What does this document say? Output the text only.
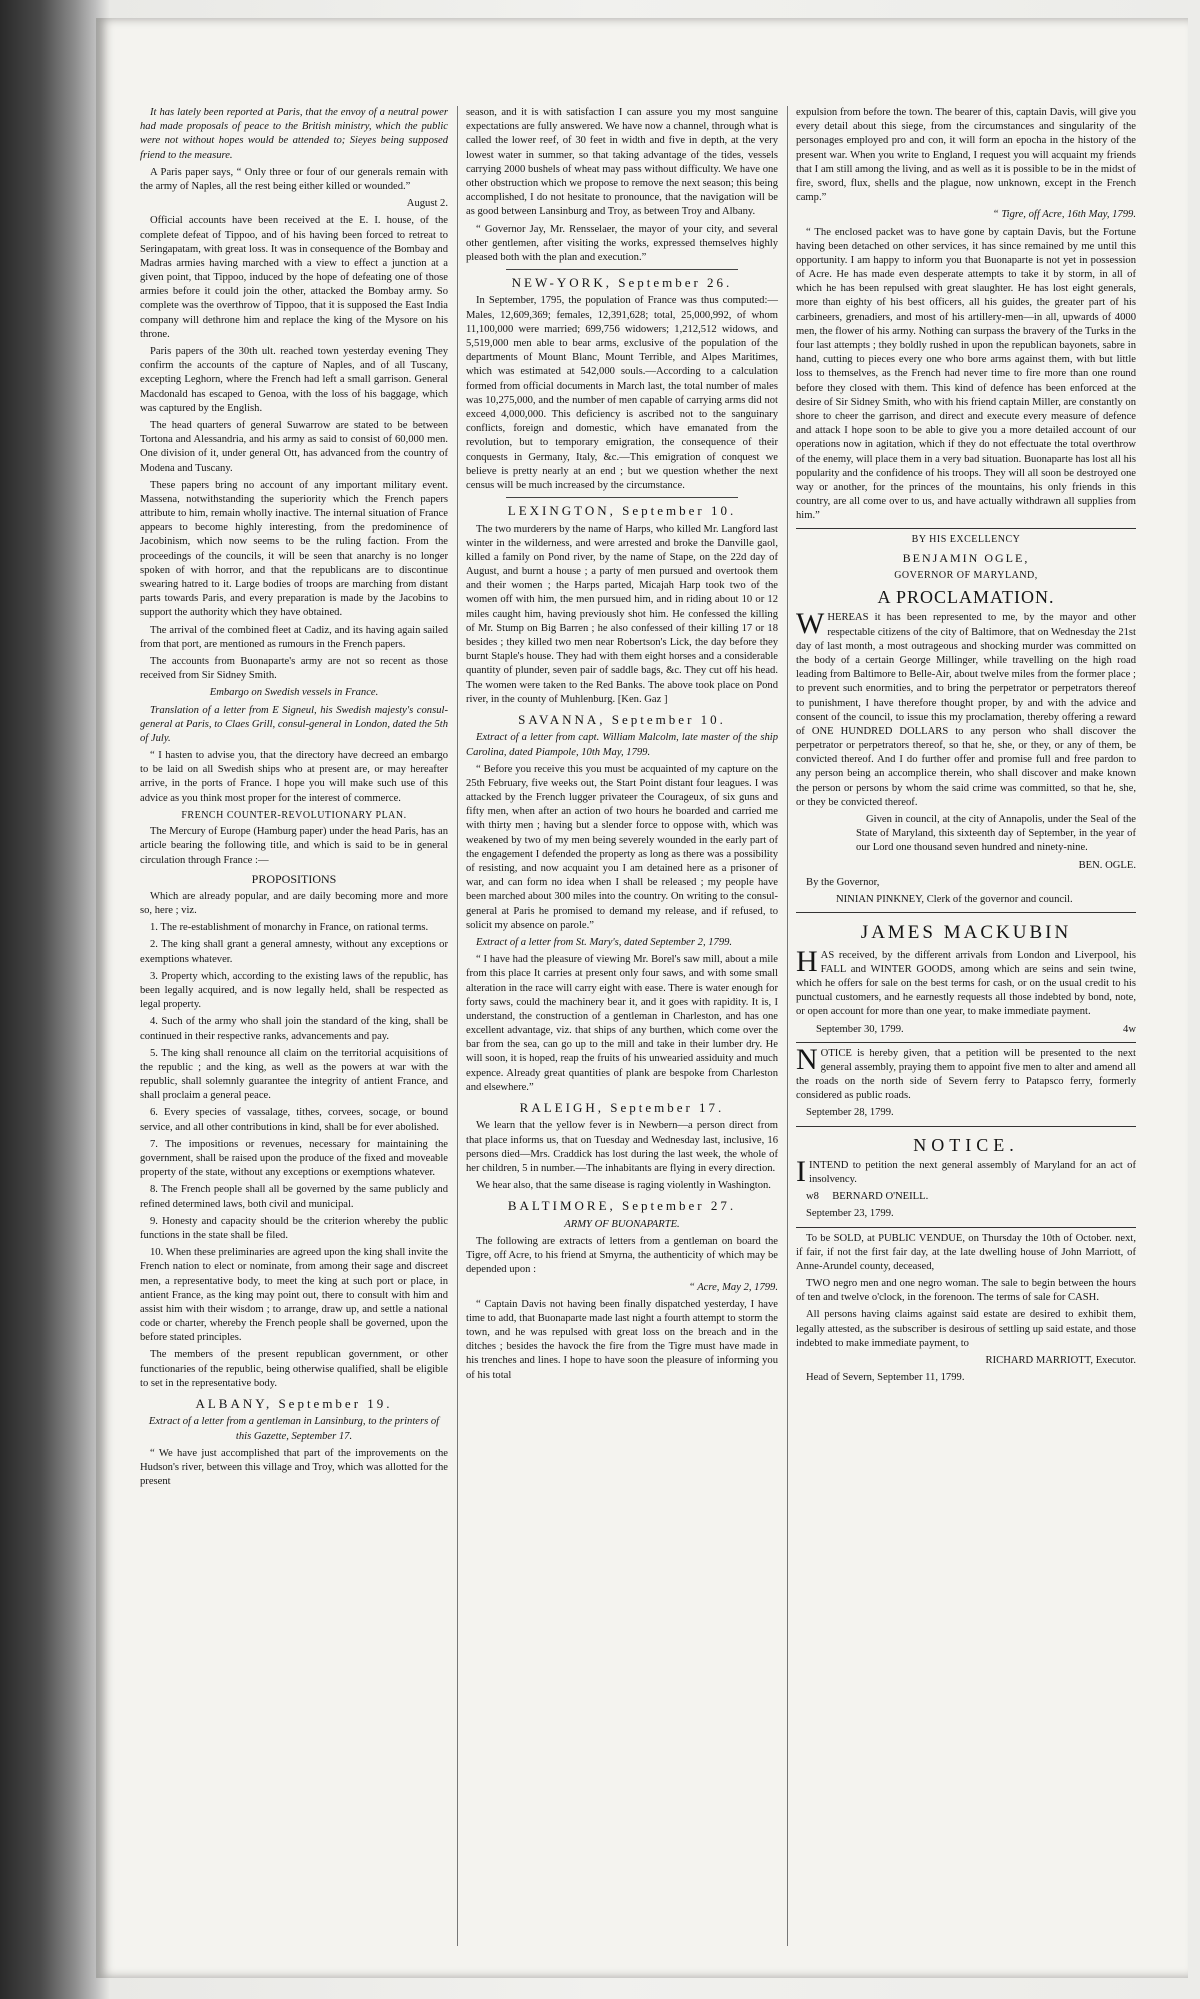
It has lately been reported at Paris, that the envoy of a neutral power had made proposals of peace to the British ministry, which the public were not without hopes would be attended to; Sieyes being supposed friend to the measure.

A Paris paper says, “ Only three or four of our generals remain with the army of Naples, all the rest being either killed or wounded.”

August 2.

Official accounts have been received at the E. I. house, of the complete defeat of Tippoo, and of his having been forced to retreat to Seringapatam, with great loss. It was in consequence of the Bombay and Madras armies having marched with a view to effect a junction at a given point, that Tippoo, induced by the hope of defeating one of those armies before it could join the other, attacked the Bombay army. So complete was the overthrow of Tippoo, that it is supposed the East India company will dethrone him and replace the king of the Mysore on his throne.

Paris papers of the 30th ult. reached town yesterday evening They confirm the accounts of the capture of Naples, and of all Tuscany, excepting Leghorn, where the French had left a small garrison. General Macdonald has escaped to Genoa, with the loss of his baggage, which was captured by the English.

The head quarters of general Suwarrow are stated to be between Tortona and Alessandria, and his army as said to consist of 60,000 men. One division of it, under general Ott, has advanced from the country of Modena and Tuscany.

These papers bring no account of any important military event. Massena, notwithstanding the superiority which the French papers attribute to him, remain wholly inactive. The internal situation of France appears to become highly interesting, from the predominence of Jacobinism, which now seems to be the ruling faction. From the proceedings of the councils, it will be seen that anarchy is no longer spoken of with horror, and that the republicans are to discontinue swearing hatred to it. Large bodies of troops are marching from distant parts towards Paris, and every preparation is made by the Jacobins to support the authority which they have obtained.

The arrival of the combined fleet at Cadiz, and its having again sailed from that port, are mentioned as rumours in the French papers.

The accounts from Buonaparte's army are not so recent as those received from Sir Sidney Smith.

Embargo on Swedish vessels in France.

Translation of a letter from E Signeul, his Swedish majesty's consul-general at Paris, to Claes Grill, consul-general in London, dated the 5th of July.

“ I hasten to advise you, that the directory have decreed an embargo to be laid on all Swedish ships who at present are, or may hereafter arrive, in the ports of France. I hope you will make such use of this advice as you think most proper for the interest of commerce.

FRENCH COUNTER-REVOLUTIONARY PLAN.

The Mercury of Europe (Hamburg paper) under the head Paris, has an article bearing the following title, and which is said to be in general circulation through France :—

PROPOSITIONS

Which are already popular, and are daily becoming more and more so, here ; viz.

1. The re-establishment of monarchy in France, on rational terms.

2. The king shall grant a general amnesty, without any exceptions or exemptions whatever.

3. Property which, according to the existing laws of the republic, has been legally acquired, and is now legally held, shall be respected as legal property.

4. Such of the army who shall join the standard of the king, shall be continued in their respective ranks, advancements and pay.

5. The king shall renounce all claim on the territorial acquisitions of the republic ; and the king, as well as the powers at war with the republic, shall solemnly guarantee the integrity of antient France, and shall proclaim a general peace.

6. Every species of vassalage, tithes, corvees, socage, or bound service, and all other contributions in kind, shall be for ever abolished.

7. The impositions or revenues, necessary for maintaining the government, shall be raised upon the produce of the fixed and moveable property of the state, without any exceptions or exemptions whatever.

8. The French people shall all be governed by the same publicly and refined determined laws, both civil and municipal.

9. Honesty and capacity should be the criterion whereby the public functions in the state shall be filed.

10. When these preliminaries are agreed upon the king shall invite the French nation to elect or nominate, from among their sage and discreet men, a representative body, to meet the king at such port or place, in antient France, as the king may point out, there to consult with him and assist him with their wisdom ; to arrange, draw up, and settle a national code or charter, whereby the French people shall be governed, upon the before stated principles.

The members of the present republican government, or other functionaries of the republic, being otherwise qualified, shall be eligible to set in the representative body.

ALBANY, September 19.

Extract of a letter from a gentleman in Lansinburg, to the printers of this Gazette, September 17.

“ We have just accomplished that part of the improvements on the Hudson's river, between this village and Troy, which was allotted for the present

season, and it is with satisfaction I can assure you my most sanguine expectations are fully answered. We have now a channel, through what is called the lower reef, of 30 feet in width and five in depth, at the very lowest water in summer, so that taking advantage of the tides, vessels carrying 2000 bushels of wheat may pass without difficulty. We have one other obstruction which we propose to remove the next season; this being accomplished, I do not hesitate to pronounce, that the navigation will be as good between Lansinburg and Troy, as between Troy and Albany.

“ Governor Jay, Mr. Rensselaer, the mayor of your city, and several other gentlemen, after visiting the works, expressed themselves highly pleased both with the plan and execution.”

NEW-YORK, September 26.

In September, 1795, the population of France was thus computed:—Males, 12,609,369; females, 12,391,628; total, 25,000,992, of whom 11,100,000 were married; 699,756 widowers; 1,212,512 widows, and 5,519,000 men able to bear arms, exclusive of the population of the departments of Mount Blanc, Mount Terrible, and Alpes Maritimes, which was estimated at 542,000 souls.—According to a calculation formed from official documents in March last, the total number of males was 10,275,000, and the number of men capable of carrying arms did not exceed 4,000,000. This deficiency is ascribed not to the sanguinary conflicts, foreign and domestic, which have emanated from the revolution, but to temporary emigration, the consequence of their conquests in Germany, Italy, &c.—This emigration of conquest we believe is pretty nearly at an end ; but we question whether the next census will be much increased by the circumstance.

LEXINGTON, September 10.

The two murderers by the name of Harps, who killed Mr. Langford last winter in the wilderness, and were arrested and broke the Danville gaol, killed a family on Pond river, by the name of Stape, on the 22d day of August, and burnt a house ; a party of men pursued and overtook them and their women ; the Harps parted, Micajah Harp took two of the women off with him, the men pursued him, and in riding about 10 or 12 miles caught him, having previously shot him. He confessed the killing of Mr. Stump on Big Barren ; he also confessed of their killing 17 or 18 besides ; they killed two men near Robertson's Lick, the day before they burnt Staple's house. They had with them eight horses and a considerable quantity of plunder, seven pair of saddle bags, &c. They cut off his head. The women were taken to the Red Banks. The above took place on Pond river, in the county of Muhlenburg. [Ken. Gaz ]

SAVANNA, September 10.

Extract of a letter from capt. William Malcolm, late master of the ship Carolina, dated Piampole, 10th May, 1799.

“ Before you receive this you must be acquainted of my capture on the 25th February, five weeks out, the Start Point distant four leagues. I was attacked by the French lugger privateer the Courageux, of six guns and fifty men, when after an action of two hours he boarded and carried me with thirty men ; having but a slender force to oppose with, which was weakened by two of my men being severely wounded in the early part of the engagement I defended the property as long as there was a possibility of resisting, and now acquaint you I am detained here as a prisoner of war, and can form no idea when I shall be released ; my people have been marched about 300 miles into the country. On writing to the consul-general at Paris he promised to demand my release, and if refused, to solicit my absence on parole.”

Extract of a letter from St. Mary's, dated September 2, 1799.

“ I have had the pleasure of viewing Mr. Borel's saw mill, about a mile from this place It carries at present only four saws, and with some small alteration in the race will carry eight with ease. There is water enough for forty saws, could the machinery bear it, and it goes with rapidity. It is, I understand, the construction of a gentleman in Charleston, and has one excellent advantage, viz. that ships of any burthen, which come over the bar from the sea, can go up to the mill and take in their lumber dry. He will soon, it is hoped, reap the fruits of his unwearied assiduity and much expence. Already great quantities of plank are bespoke from Charleston and elsewhere.”

RALEIGH, September 17.

We learn that the yellow fever is in Newbern—a person direct from that place informs us, that on Tuesday and Wednesday last, inclusive, 16 persons died—Mrs. Craddick has lost during the last week, the whole of her children, 5 in number.—The inhabitants are flying in every direction.

We hear also, that the same disease is raging violently in Washington.

BALTIMORE, September 27.

ARMY OF BUONAPARTE.

The following are extracts of letters from a gentleman on board the Tigre, off Acre, to his friend at Smyrna, the authenticity of which may be depended upon :

“ Acre, May 2, 1799.

“ Captain Davis not having been finally dispatched yesterday, I have time to add, that Buonaparte made last night a fourth attempt to storm the town, and he was repulsed with great loss on the breach and in the ditches ; besides the havock the fire from the Tigre must have made in his trenches and lines. I hope to have soon the pleasure of informing you of his total

expulsion from before the town. The bearer of this, captain Davis, will give you every detail about this siege, from the circumstances and singularity of the personages employed pro and con, it will form an epocha in the history of the present war. When you write to England, I request you will acquaint my friends that I am still among the living, and as well as it is possible to be in the midst of fire, sword, flux, shells and the plague, now unknown, except in the French camp.”

“ Tigre, off Acre, 16th May, 1799.

“ The enclosed packet was to have gone by captain Davis, but the Fortune having been detached on other services, it has since remained by me until this opportunity. I am happy to inform you that Buonaparte is not yet in possession of Acre. He has made even desperate attempts to take it by storm, in all of which he has been repulsed with great slaughter. He has lost eight generals, more than eighty of his best officers, all his guides, the greater part of his carbineers, grenadiers, and most of his artillery-men—in all, upwards of 4000 men, the flower of his army. Nothing can surpass the bravery of the Turks in the four last attempts ; they boldly rushed in upon the republican bayonets, sabre in hand, cutting to pieces every one who bore arms against them, with but little loss to themselves, as the French had never time to fire more than one round before they closed with them. This kind of defence has been enforced at the desire of Sir Sidney Smith, who with his friend captain Miller, are constantly on shore to cheer the garrison, and direct and execute every measure of defence and attack I hope soon to be able to give you a more detailed account of our operations now in agitation, which if they do not effectuate the total overthrow of the enemy, will place them in a very bad situation. Buonaparte has lost all his popularity and the confidence of his troops. They will all soon be destroyed one way or another, for the princes of the mountains, his only friends in this country, are all come over to us, and have actually withdrawn all supplies from him.”

BY HIS EXCELLENCY

BENJAMIN OGLE,

GOVERNOR OF MARYLAND,

A PROCLAMATION.

WHEREAS it has been represented to me, by the mayor and other respectable citizens of the city of Baltimore, that on Wednesday the 21st day of last month, a most outrageous and shocking murder was committed on the body of a certain George Millinger, while travelling on the high road leading from Baltimore to Belle-Air, about twelve miles from the former place ; to prevent such enormities, and to bring the perpetrator or perpetrators thereof to punishment, I have therefore thought proper, by and with the advice and consent of the council, to issue this my proclamation, thereby offering a reward of ONE HUNDRED DOLLARS to any person who shall discover the perpetrator or perpetrators thereof, so that he, she, or they, or any of them, be convicted thereof. And I do further offer and promise full and free pardon to any person being an accomplice therein, who shall discover and make known the person or persons by whom the said crime was committed, so that he, she, or they be convicted thereof.

Given in council, at the city of Annapolis, under the Seal of the State of Maryland, this sixteenth day of September, in the year of our Lord one thousand seven hundred and ninety-nine.

BEN. OGLE.

By the Governor,

NINIAN PINKNEY, Clerk of the governor and council.

JAMES MACKUBIN

HAS received, by the different arrivals from London and Liverpool, his FALL and WINTER GOODS, among which are seins and sein twine, which he offers for sale on the best terms for cash, or on the usual credit to his punctual customers, and he earnestly requests all those indebted by bond, note, or open account for more than one year, to make immediate payment.

September 30, 1799.	4w

NOTICE is hereby given, that a petition will be presented to the next general assembly, praying them to appoint five men to alter and amend all the roads on the north side of Severn ferry to Patapsco ferry, formerly considered as public roads.

September 28, 1799.

NOTICE.

IINTEND to petition the next general assembly of Maryland for an act of insolvency.

w8 BERNARD O'NEILL.

September 23, 1799.

To be SOLD, at PUBLIC VENDUE, on Thursday the 10th of October. next, if fair, if not the first fair day, at the late dwelling house of John Marriott, of Anne-Arundel county, deceased,

TWO negro men and one negro woman. The sale to begin between the hours of ten and twelve o'clock, in the forenoon. The terms of sale for CASH.

All persons having claims against said estate are desired to exhibit them, legally attested, as the subscriber is desirous of settling up said estate, and those indebted to make immediate payment, to

RICHARD MARRIOTT, Executor.

Head of Severn, September 11, 1799.
